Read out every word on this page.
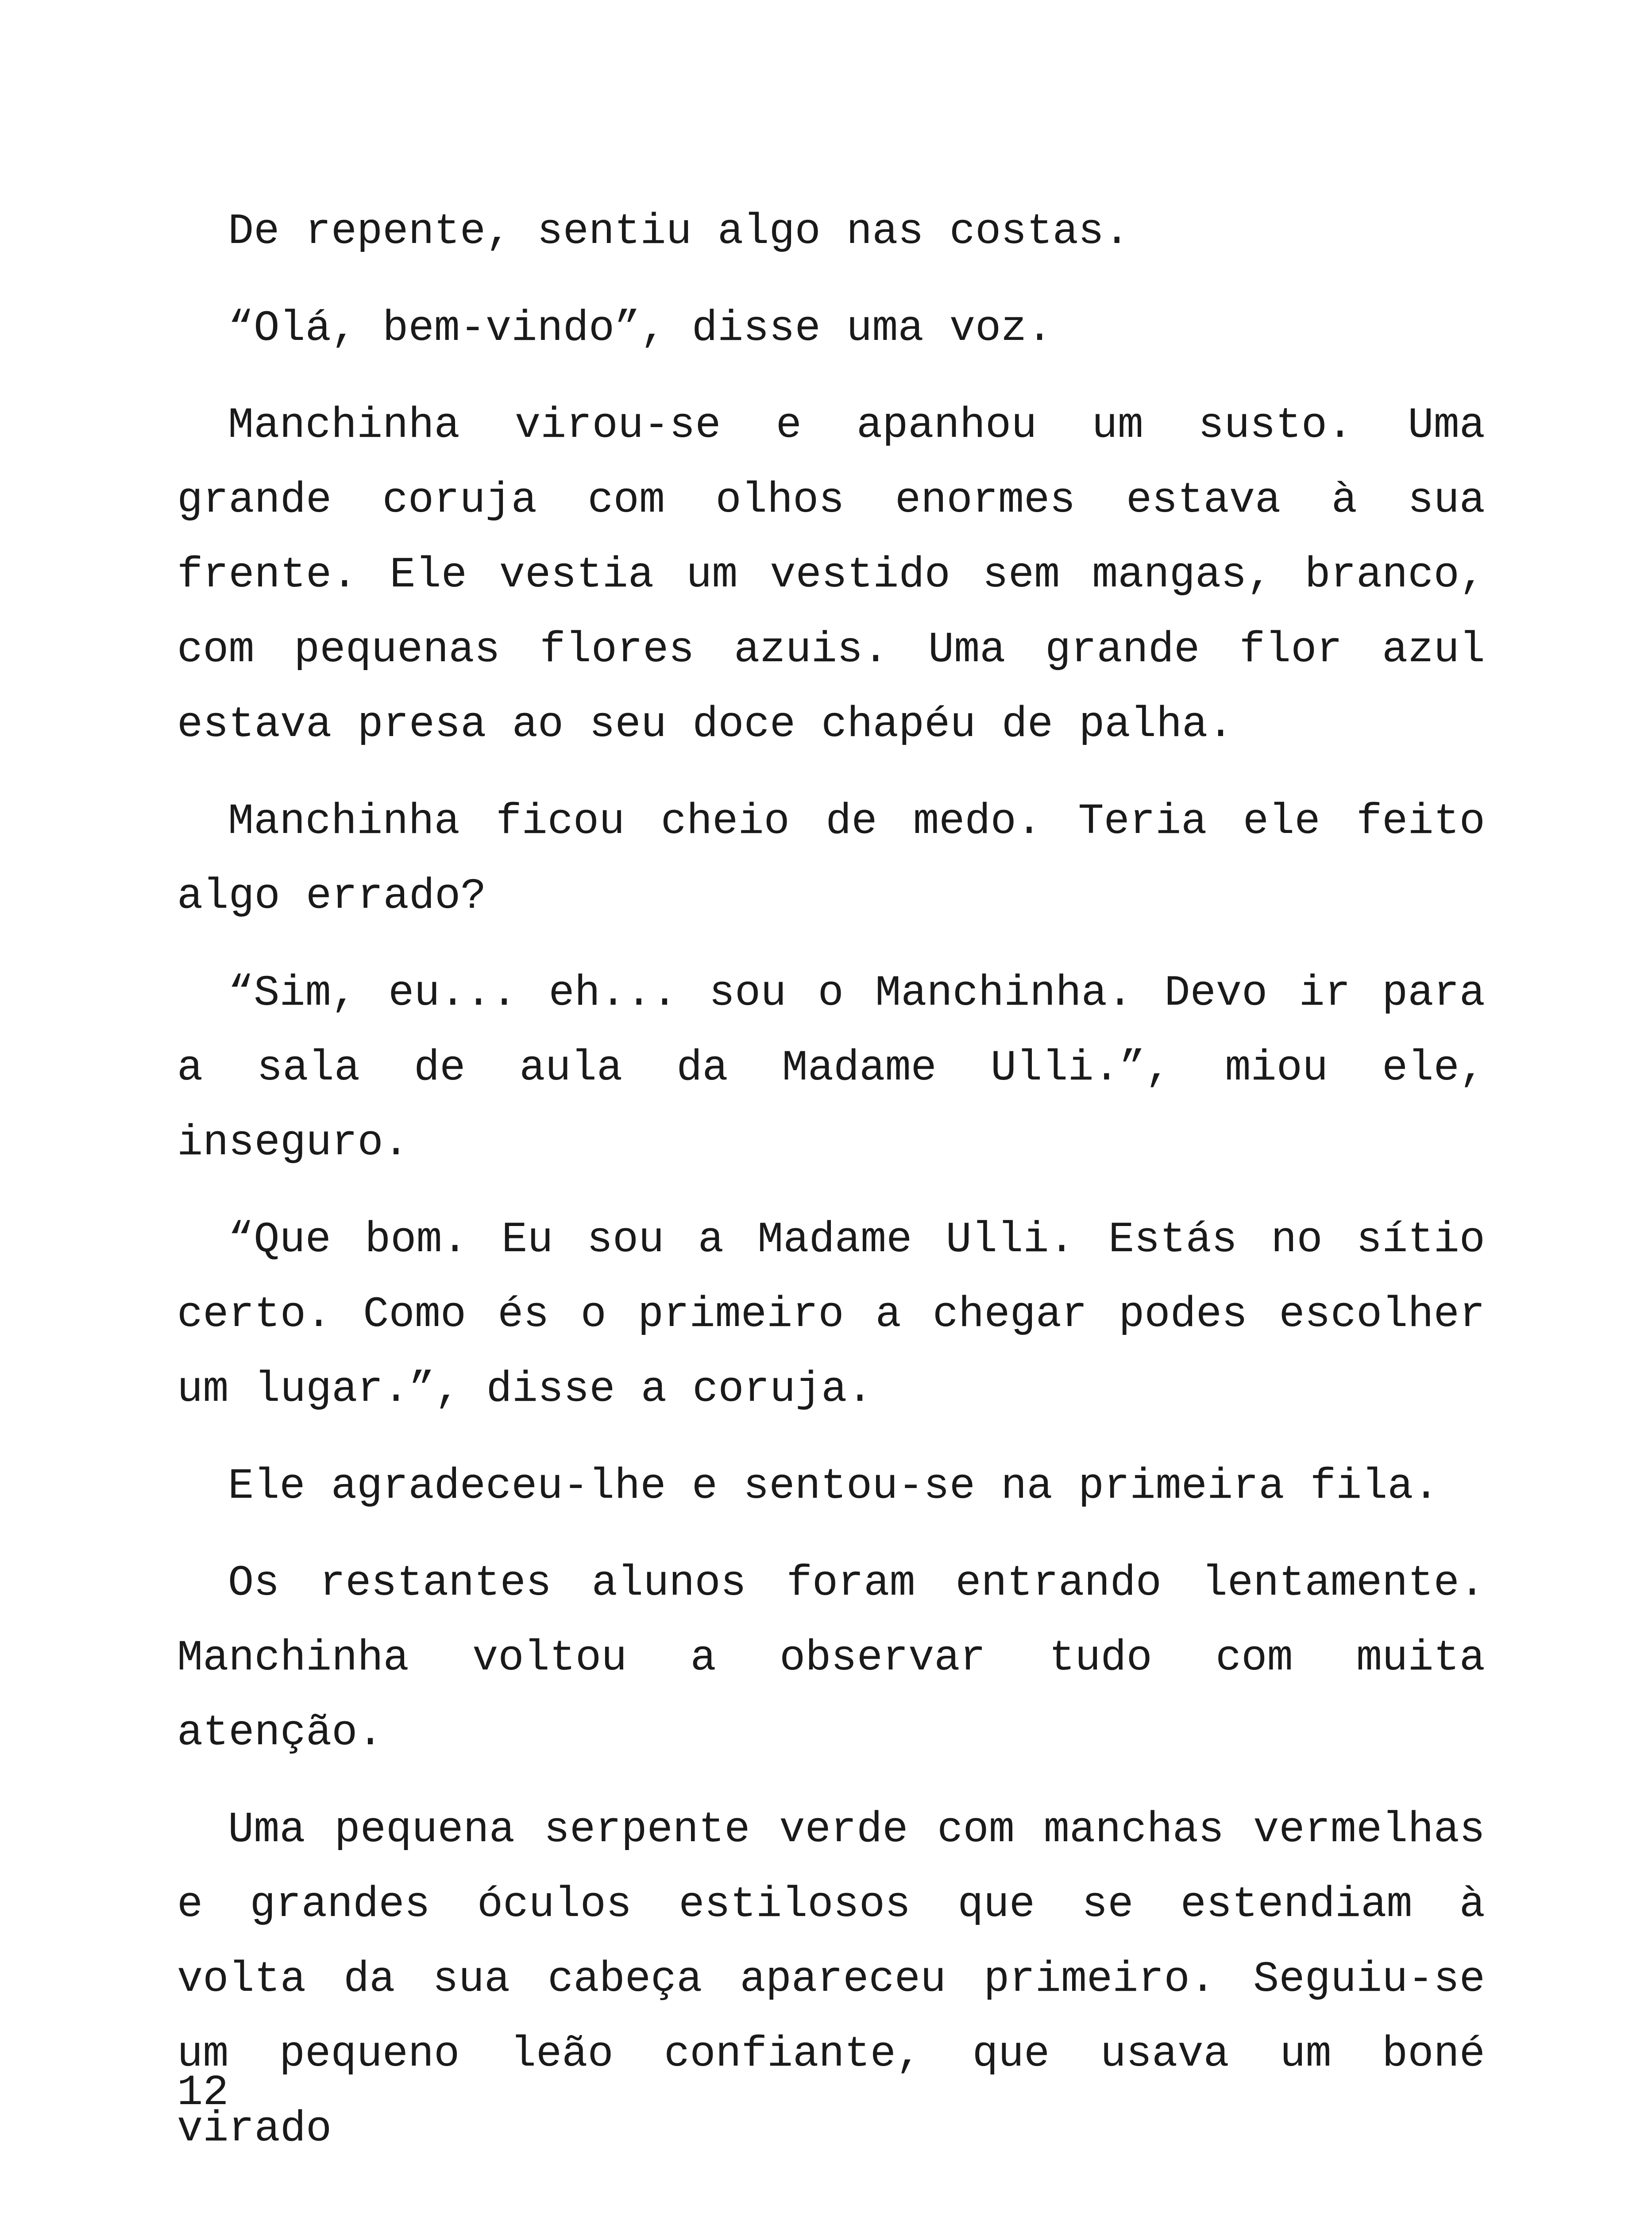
De repente, sentiu algo nas costas.

“Olá, bem-vindo”, disse uma voz.

Manchinha virou-se e apanhou um susto. Uma grande coruja com olhos enormes estava à sua frente. Ele vestia um vestido sem mangas, branco, com pequenas flores azuis. Uma grande flor azul estava presa ao seu doce chapéu de palha.

Manchinha ficou cheio de medo. Teria ele feito algo errado?

“Sim, eu... eh... sou o Manchinha. Devo ir para a sala de aula da Madame Ulli.”, miou ele, inseguro.

“Que bom. Eu sou a Madame Ulli. Estás no sítio certo. Como és o primeiro a chegar podes escolher um lugar.”, disse a coruja.

Ele agradeceu-lhe e sentou-se na primeira fila.

Os restantes alunos foram entrando lentamente. Manchinha voltou a observar tudo com muita atenção.

Uma pequena serpente verde com manchas vermelhas e grandes óculos estilosos que se estendiam à volta da sua cabeça apareceu primeiro. Seguiu-se um pequeno leão confiante, que usava um boné virado

12
